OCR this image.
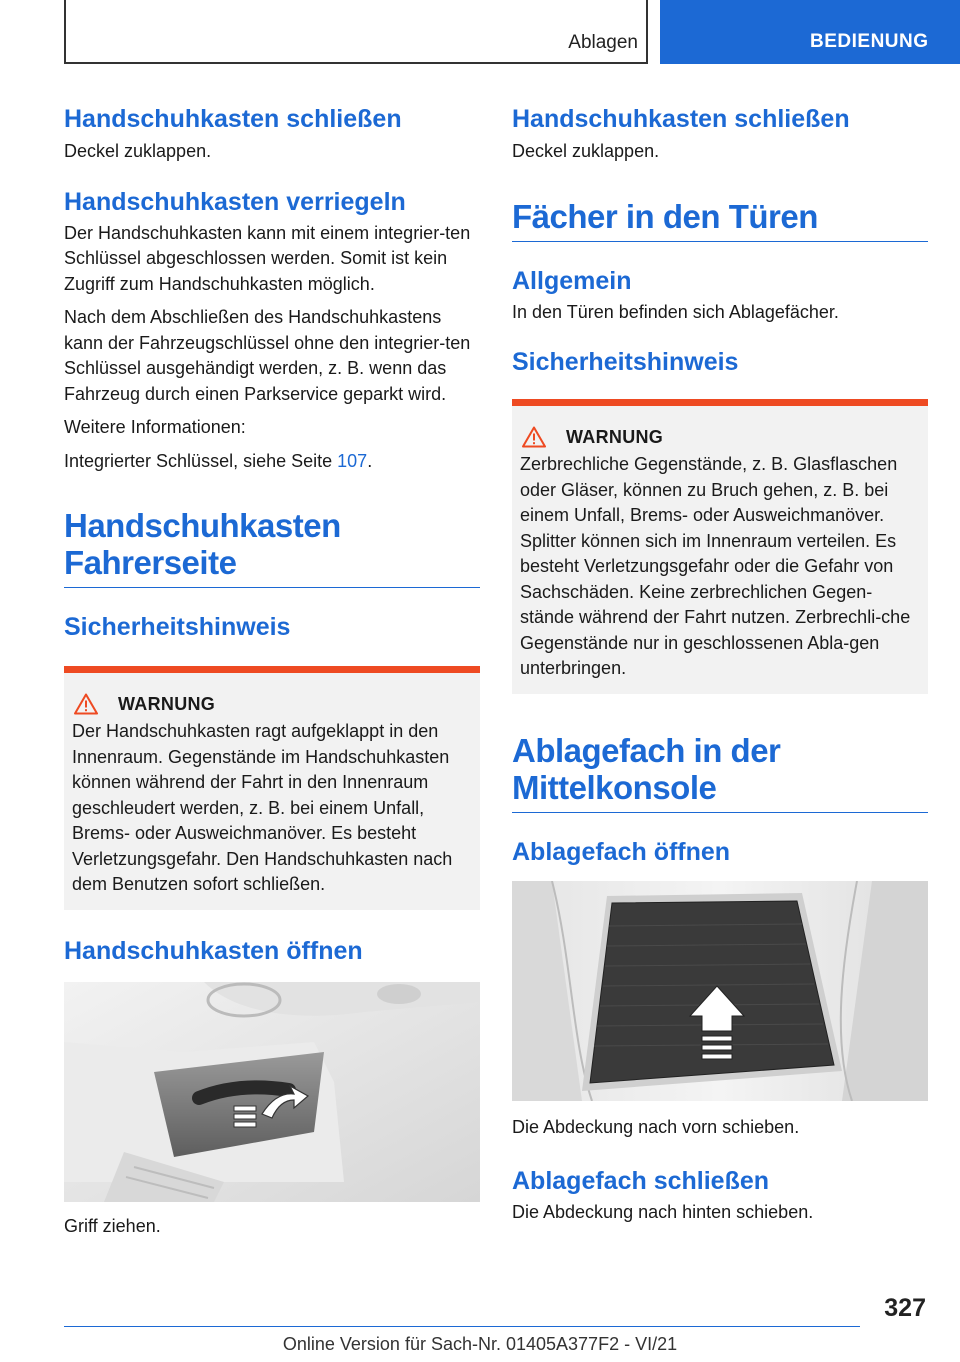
Ablagen	BEDIENUNG
Handschuhkasten schließen

Deckel zuklappen.

Handschuhkasten verriegeln

Der Handschuhkasten kann mit einem integrier-ten Schlüssel abgeschlossen werden. Somit ist kein Zugriff zum Handschuhkasten möglich.

Nach dem Abschließen des Handschuhkastens kann der Fahrzeugschlüssel ohne den integrier-ten Schlüssel ausgehändigt werden, z. B. wenn das Fahrzeug durch einen Parkservice geparkt wird.

Weitere Informationen:

Integrierter Schlüssel, siehe Seite 107.

Handschuhkasten Fahrerseite
Sicherheitshinweis
WARNUNG

Der Handschuhkasten ragt aufgeklappt in den Innenraum. Gegenstände im Handschuhkasten können während der Fahrt in den Innenraum geschleudert werden, z. B. bei einem Unfall, Brems- oder Ausweichmanöver. Es besteht Verletzungsgefahr. Den Handschuhkasten nach dem Benutzen sofort schließen.

Handschuhkasten öffnen

Griff ziehen.

Handschuhkasten schließen

Deckel zuklappen.

Fächer in den Türen
Allgemein

In den Türen befinden sich Ablagefächer.

Sicherheitshinweis
WARNUNG

Zerbrechliche Gegenstände, z. B. Glasflaschen oder Gläser, können zu Bruch gehen, z. B. bei einem Unfall, Brems- oder Ausweichmanöver. Splitter können sich im Innenraum verteilen. Es besteht Verletzungsgefahr oder die Gefahr von Sachschäden. Keine zerbrechlichen Gegen-stände während der Fahrt nutzen. Zerbrechli-che Gegenstände nur in geschlossenen Abla-gen unterbringen.

Ablagefach in der Mittelkonsole
Ablagefach öffnen

Die Abdeckung nach vorn schieben.

Ablagefach schließen

Die Abdeckung nach hinten schieben.

327
Online Version für Sach-Nr. 01405A377F2 - VI/21
